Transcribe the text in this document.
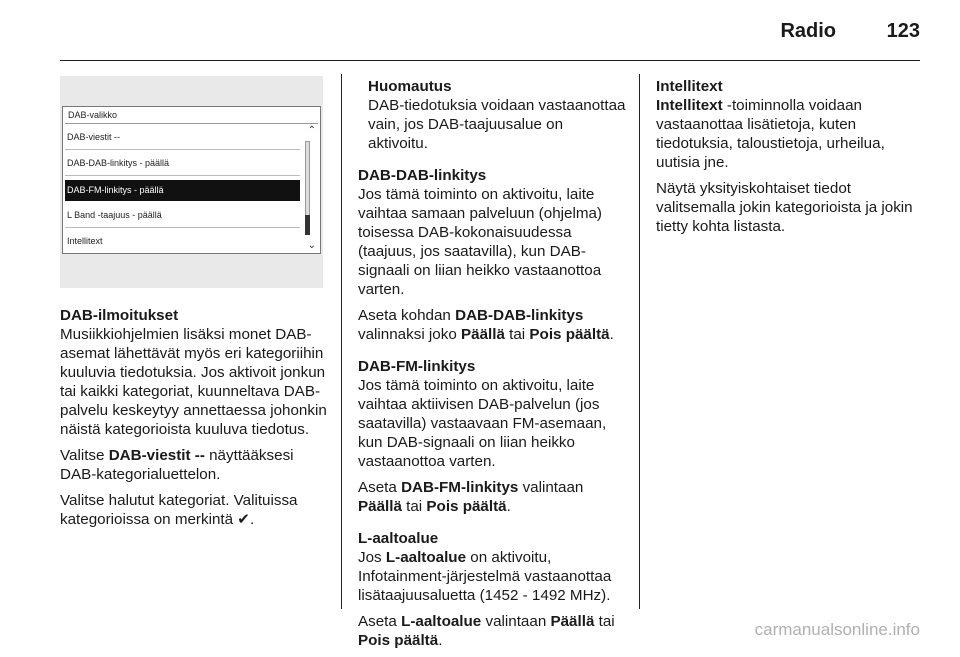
Radio	123
DAB-valikko
DAB-viestit --
DAB-DAB-linkitys - päällä
DAB-FM-linkitys - päällä
L Band -taajuus - päällä
Intellitext
⌃
⌄
DAB-ilmoitukset

Musiikkiohjelmien lisäksi monet DAB-asemat lähettävät myös eri kategoriihin kuuluvia tiedotuksia. Jos aktivoit jonkun tai kaikki kategoriat, kuunneltava DAB-palvelu keskeytyy annettaessa johonkin näistä kategorioista kuuluva tiedotus.

Valitse DAB-viestit -- näyttääksesi DAB-kategorialuettelon.

Valitse halutut kategoriat. Valituissa kategorioissa on merkintä ✔.

Huomautus

DAB-tiedotuksia voidaan vastaanottaa vain, jos DAB-taajuusalue on aktivoitu.

DAB-DAB-linkitys

Jos tämä toiminto on aktivoitu, laite vaihtaa samaan palveluun (ohjelma) toisessa DAB-kokonaisuudessa (taajuus, jos saatavilla), kun DAB-signaali on liian heikko vastaanottoa varten.

Aseta kohdan DAB-DAB-linkitys valinnaksi joko Päällä tai Pois päältä.

DAB-FM-linkitys

Jos tämä toiminto on aktivoitu, laite vaihtaa aktiivisen DAB-palvelun (jos saatavilla) vastaavaan FM-asemaan, kun DAB-signaali on liian heikko vastaanottoa varten.

Aseta DAB-FM-linkitys valintaan
Päällä tai Pois päältä.

L-aaltoalue

Jos L-aaltoalue on aktivoitu, Infotainment-järjestelmä vastaanottaa lisätaajuusaluetta (1452 - 1492 MHz).

Aseta L-aaltoalue valintaan Päällä tai
Pois päältä.

Intellitext

Intellitext -toiminnolla voidaan vastaanottaa lisätietoja, kuten tiedotuksia, taloustietoja, urheilua, uutisia jne.

Näytä yksityiskohtaiset tiedot valitsemalla jokin kategorioista ja jokin tietty kohta listasta.

carmanualsonline.info
